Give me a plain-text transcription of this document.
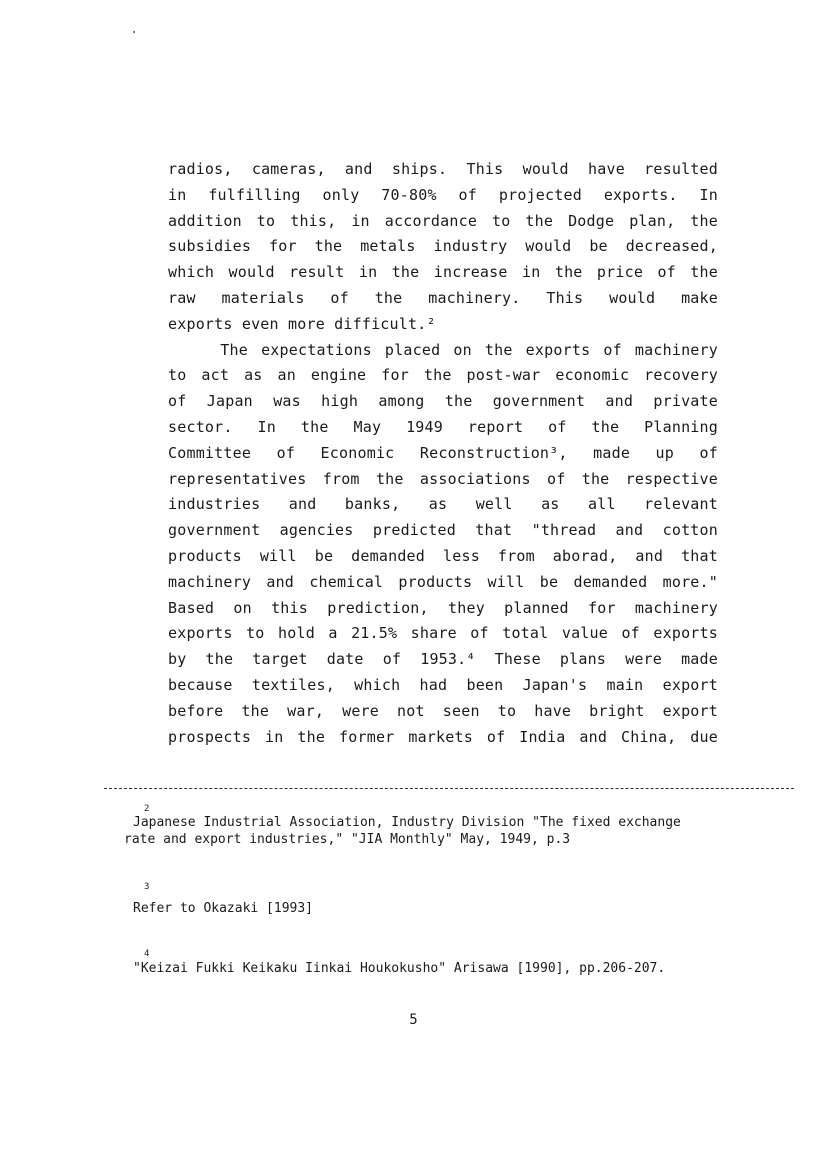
radios, cameras, and ships. This would have resulted
in fulfilling only 70-80% of projected exports. In
addition to this, in accordance to the Dodge plan, the
subsidies for the metals industry would be decreased,
which would result in the increase in the price of the
raw materials of the machinery. This would make
exports even more difficult.²
The expectations placed on the exports of machinery
to act as an engine for the post-war economic recovery
of Japan was high among the government and private
sector. In the May 1949 report of the Planning
Committee of Economic Reconstruction³, made up of
representatives from the associations of the respective
industries and banks, as well as all relevant
government agencies predicted that "thread and cotton
products will be demanded less from aborad, and that
machinery and chemical products will be demanded more."
Based on this prediction, they planned for machinery
exports to hold a 21.5% share of total value of exports
by the target date of 1953.⁴ These plans were made
because textiles, which had been Japan's main export
before the war, were not seen to have bright export
prospects in the former markets of India and China, due
2
Japanese Industrial Association, Industry Division "The fixed exchange
rate and export industries," "JIA Monthly" May, 1949, p.3
3
Refer to Okazaki [1993]
4
"Keizai Fukki Keikaku Iinkai Houkokusho" Arisawa [1990], pp.206-207.
5
